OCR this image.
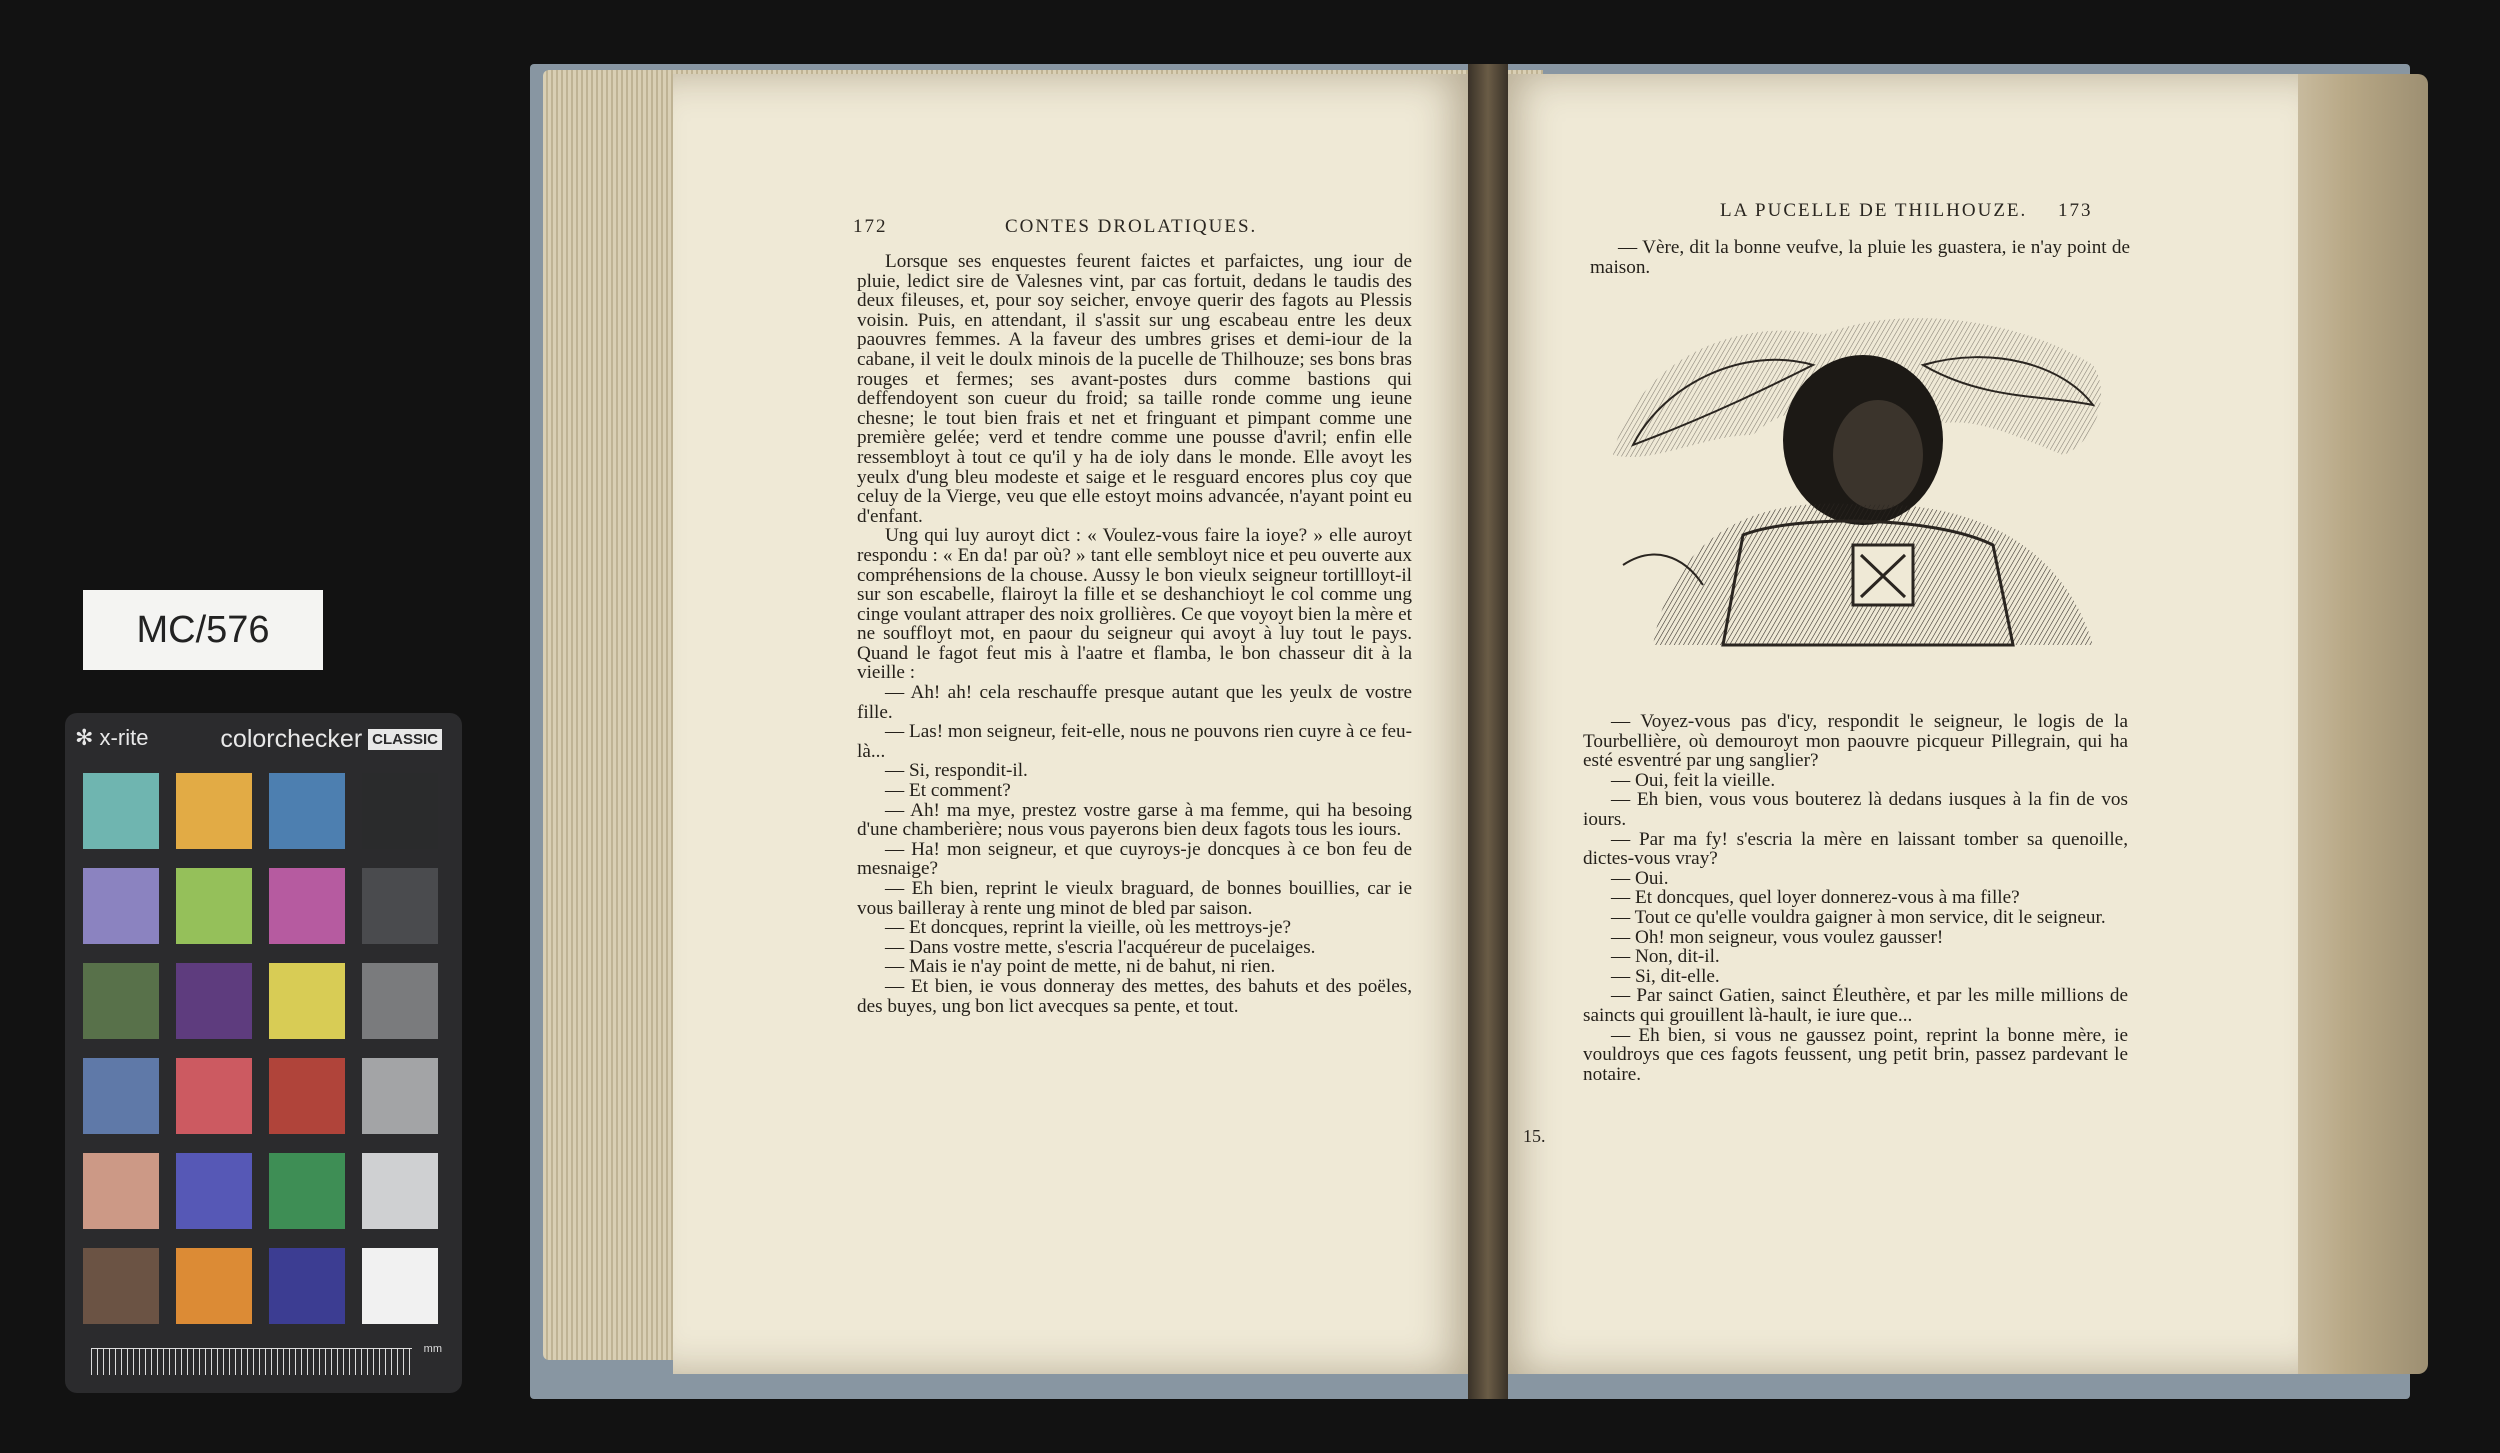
MC/576
✻ x-rite	colorchecker CLASSIC
mm
172	CONTES DROLATIQUES.

Lorsque ses enquestes feurent faictes et parfaictes, ung iour de pluie, ledict sire de Valesnes vint, par cas fortuit, dedans le taudis des deux fileuses, et, pour soy seicher, envoye querir des fagots au Plessis voisin. Puis, en attendant, il s'assit sur ung escabeau entre les deux paouvres femmes. A la faveur des umbres grises et demi-iour de la cabane, il veit le doulx minois de la pucelle de Thilhouze; ses bons bras rouges et fermes; ses avant-postes durs comme bastions qui deffendoyent son cueur du froid; sa taille ronde comme ung ieune chesne; le tout bien frais et net et fringuant et pimpant comme une première gelée; verd et tendre comme une pousse d'avril; enfin elle ressembloyt à tout ce qu'il y ha de ioly dans le monde. Elle avoyt les yeulx d'ung bleu modeste et saige et le resguard encores plus coy que celuy de la Vierge, veu que elle estoyt moins advancée, n'ayant point eu d'enfant.

Ung qui luy auroyt dict : « Voulez-vous faire la ioye? » elle auroyt respondu : « En da! par où? » tant elle sembloyt nice et peu ouverte aux compréhensions de la chouse. Aussy le bon vieulx seigneur tortillloyt-il sur son escabelle, flairoyt la fille et se deshanchioyt le col comme ung cinge voulant attraper des noix grollières. Ce que voyoyt bien la mère et ne souffloyt mot, en paour du seigneur qui avoyt à luy tout le pays. Quand le fagot feut mis à l'aatre et flamba, le bon chasseur dit à la vieille :

— Ah! ah! cela reschauffe presque autant que les yeulx de vostre fille.

— Las! mon seigneur, feit-elle, nous ne pouvons rien cuyre à ce feu-là...

— Si, respondit-il.

— Et comment?

— Ah! ma mye, prestez vostre garse à ma femme, qui ha besoing d'une chamberière; nous vous payerons bien deux fagots tous les iours.

— Ha! mon seigneur, et que cuyroys-je doncques à ce bon feu de mesnaige?

— Eh bien, reprint le vieulx braguard, de bonnes bouillies, car ie vous bailleray à rente ung minot de bled par saison.

— Et doncques, reprint la vieille, où les mettroys-je?

— Dans vostre mette, s'escria l'acquéreur de pucelaiges.

— Mais ie n'ay point de mette, ni de bahut, ni rien.

— Et bien, ie vous donneray des mettes, des bahuts et des poëles, des buyes, ung bon lict avecques sa pente, et tout.

LA PUCELLE DE THILHOUZE. 173

— Vère, dit la bonne veufve, la pluie les guastera, ie n'ay point de maison.

— Voyez-vous pas d'icy, respondit le seigneur, le logis de la Tourbellière, où demouroyt mon paouvre picqueur Pillegrain, qui ha esté esventré par ung sanglier?

— Oui, feit la vieille.

— Eh bien, vous vous bouterez là dedans iusques à la fin de vos iours.

— Par ma fy! s'escria la mère en laissant tomber sa quenoille, dictes-vous vray?

— Oui.

— Et doncques, quel loyer donnerez-vous à ma fille?

— Tout ce qu'elle vouldra gaigner à mon service, dit le seigneur.

— Oh! mon seigneur, vous voulez gausser!

— Non, dit-il.

— Si, dit-elle.

— Par sainct Gatien, sainct Éleuthère, et par les mille millions de saincts qui grouillent là-hault, ie iure que...

— Eh bien, si vous ne gaussez point, reprint la bonne mère, ie vouldroys que ces fagots feussent, ung petit brin, passez pardevant le notaire.

15.
